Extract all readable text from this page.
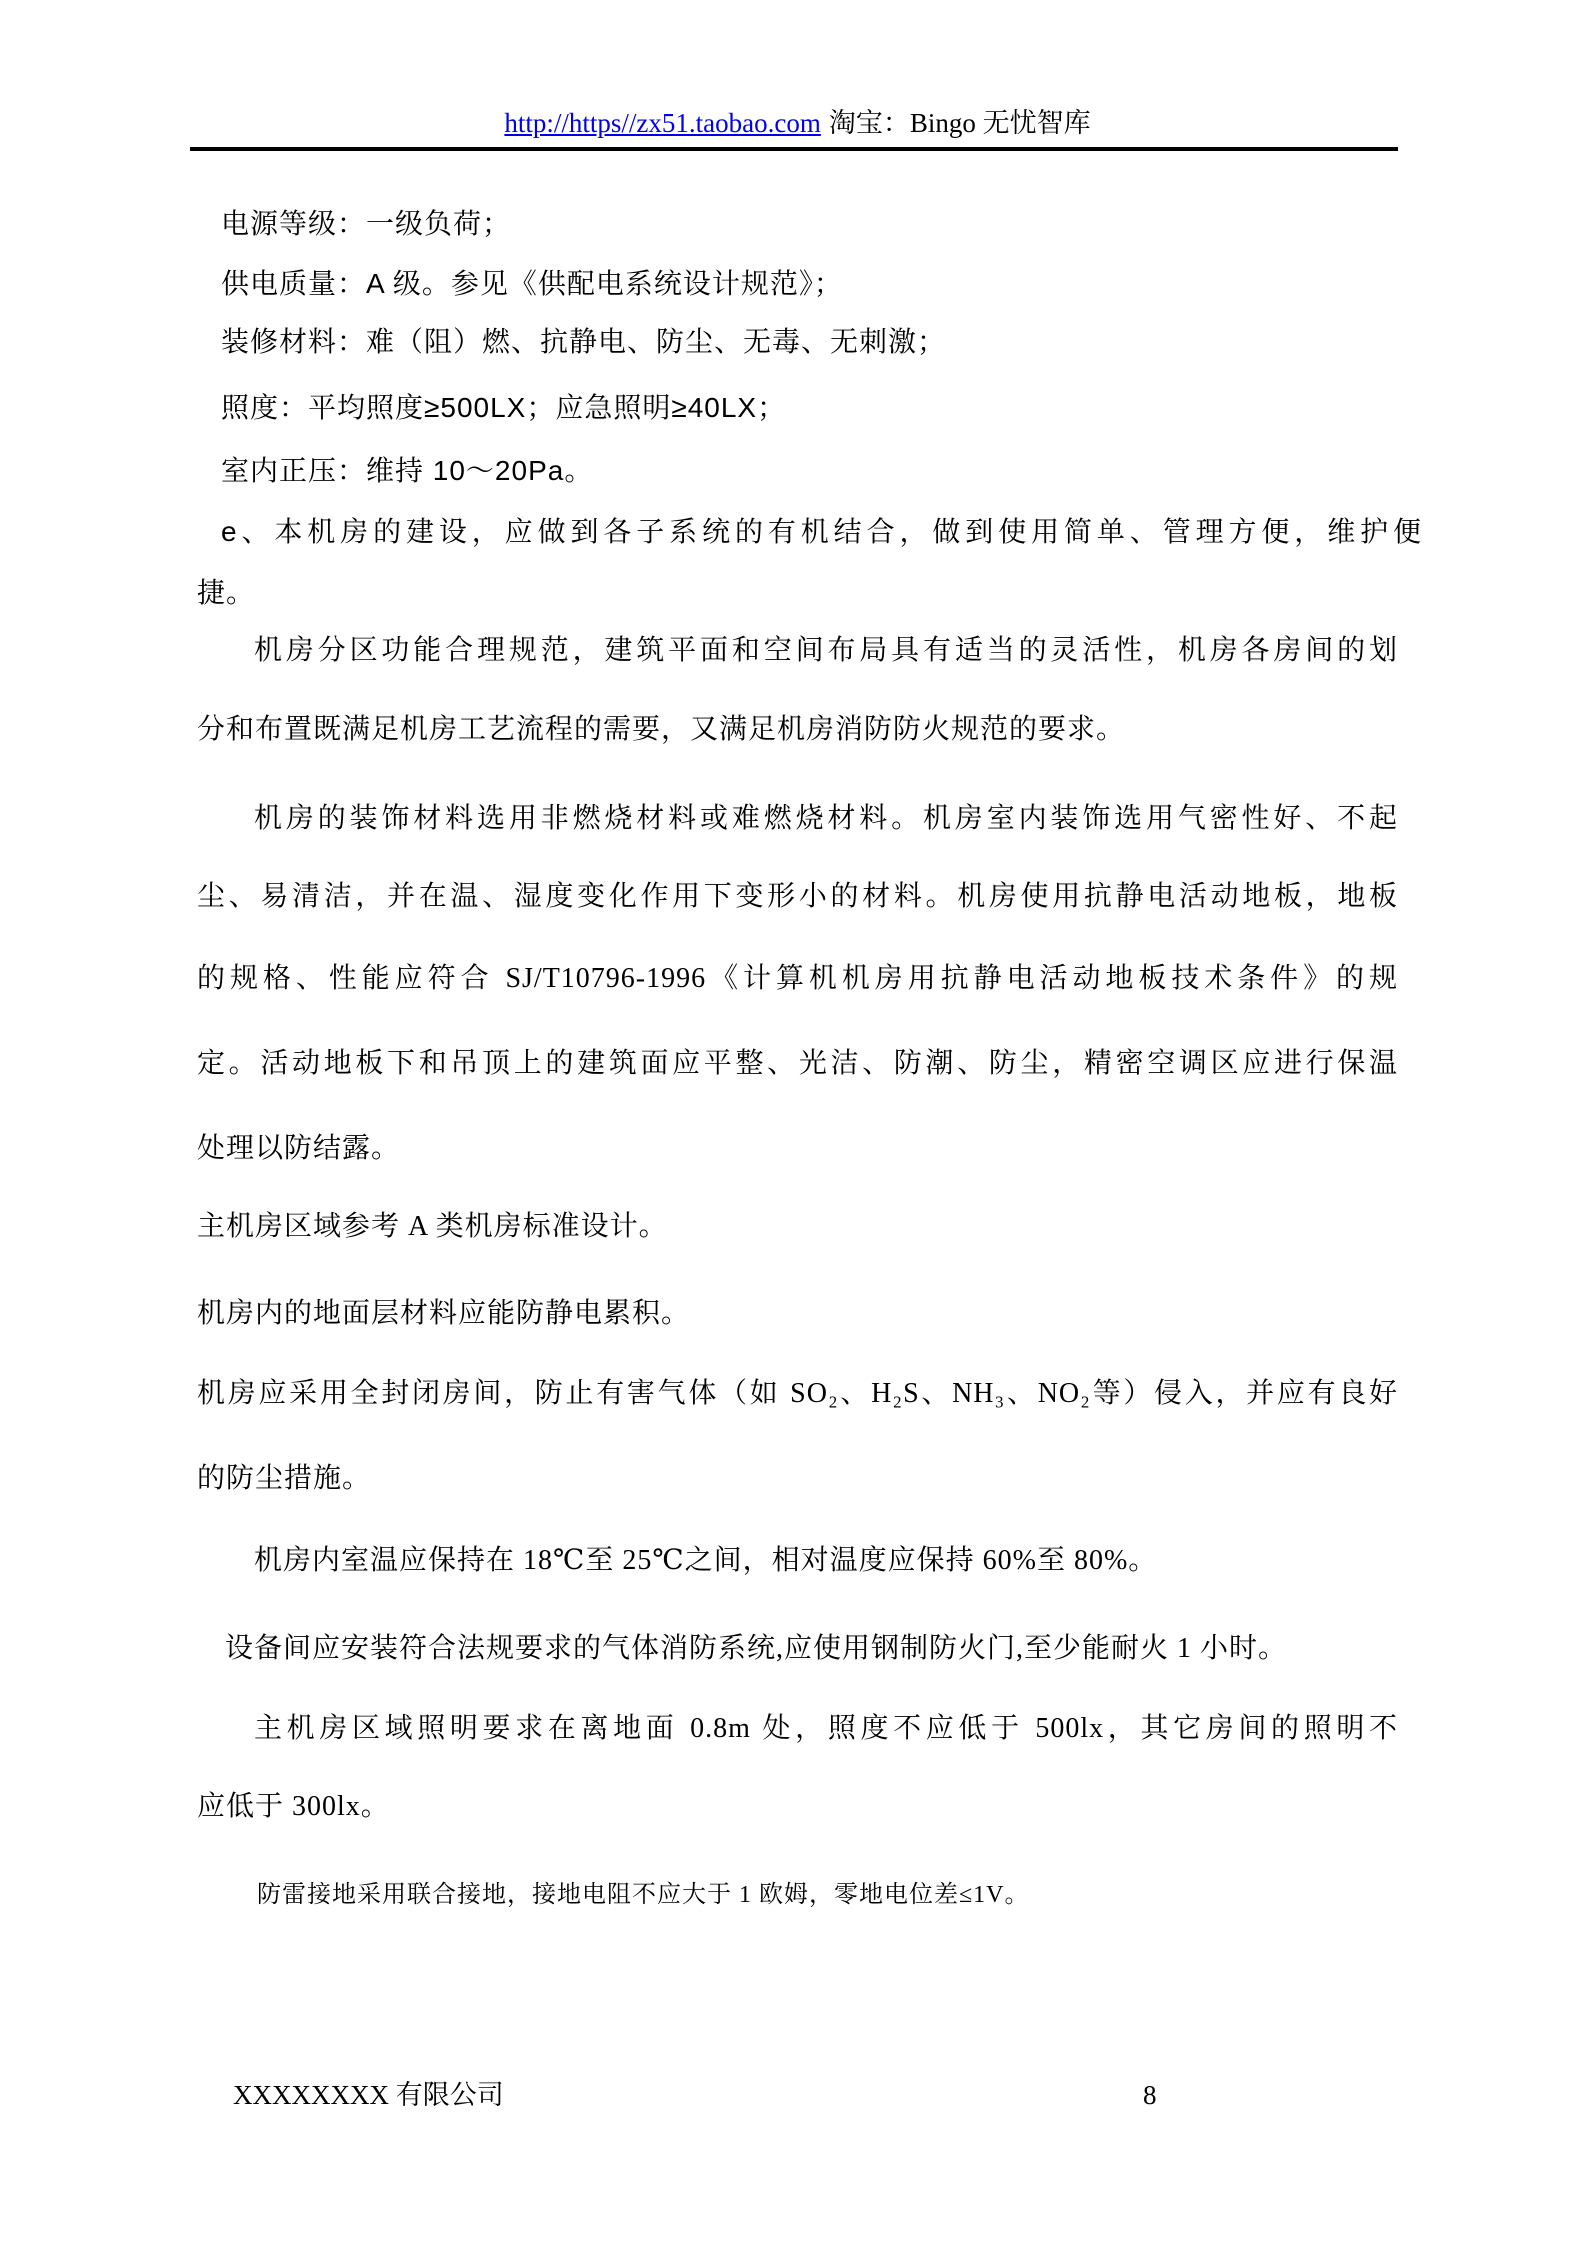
http://https//zx51.taobao.com 淘宝：Bingo 无忧智库
电源等级：一级负荷；
供电质量：A 级。参见《供配电系统设计规范》；
装修材料：难（阻）燃、抗静电、防尘、无毒、无刺激；
照度：平均照度≥500LX；应急照明≥40LX；
室内正压：维持 10～20Pa。
e、本机房的建设，应做到各子系统的有机结合，做到使用简单、管理方便，维护便
捷。
机房分区功能合理规范，建筑平面和空间布局具有适当的灵活性，机房各房间的划
分和布置既满足机房工艺流程的需要，又满足机房消防防火规范的要求。
机房的装饰材料选用非燃烧材料或难燃烧材料。机房室内装饰选用气密性好、不起
尘、易清洁，并在温、湿度变化作用下变形小的材料。机房使用抗静电活动地板，地板
的规格、性能应符合 SJ/T10796-1996《计算机机房用抗静电活动地板技术条件》的规
定。活动地板下和吊顶上的建筑面应平整、光洁、防潮、防尘，精密空调区应进行保温
处理以防结露。
主机房区域参考 A 类机房标准设计。
机房内的地面层材料应能防静电累积。
机房应采用全封闭房间，防止有害气体（如 SO₂、H₂S、NH₃、NO₂等）侵入，并应有良好
的防尘措施。
机房内室温应保持在 18℃至 25℃之间，相对温度应保持 60%至 80%。
设备间应安装符合法规要求的气体消防系统,应使用钢制防火门,至少能耐火 1 小时。
主机房区域照明要求在离地面 0.8m 处，照度不应低于 500lx，其它房间的照明不
应低于 300lx。
防雷接地采用联合接地，接地电阻不应大于 1 欧姆，零地电位差≤1V。
XXXXXXXX 有限公司	8
